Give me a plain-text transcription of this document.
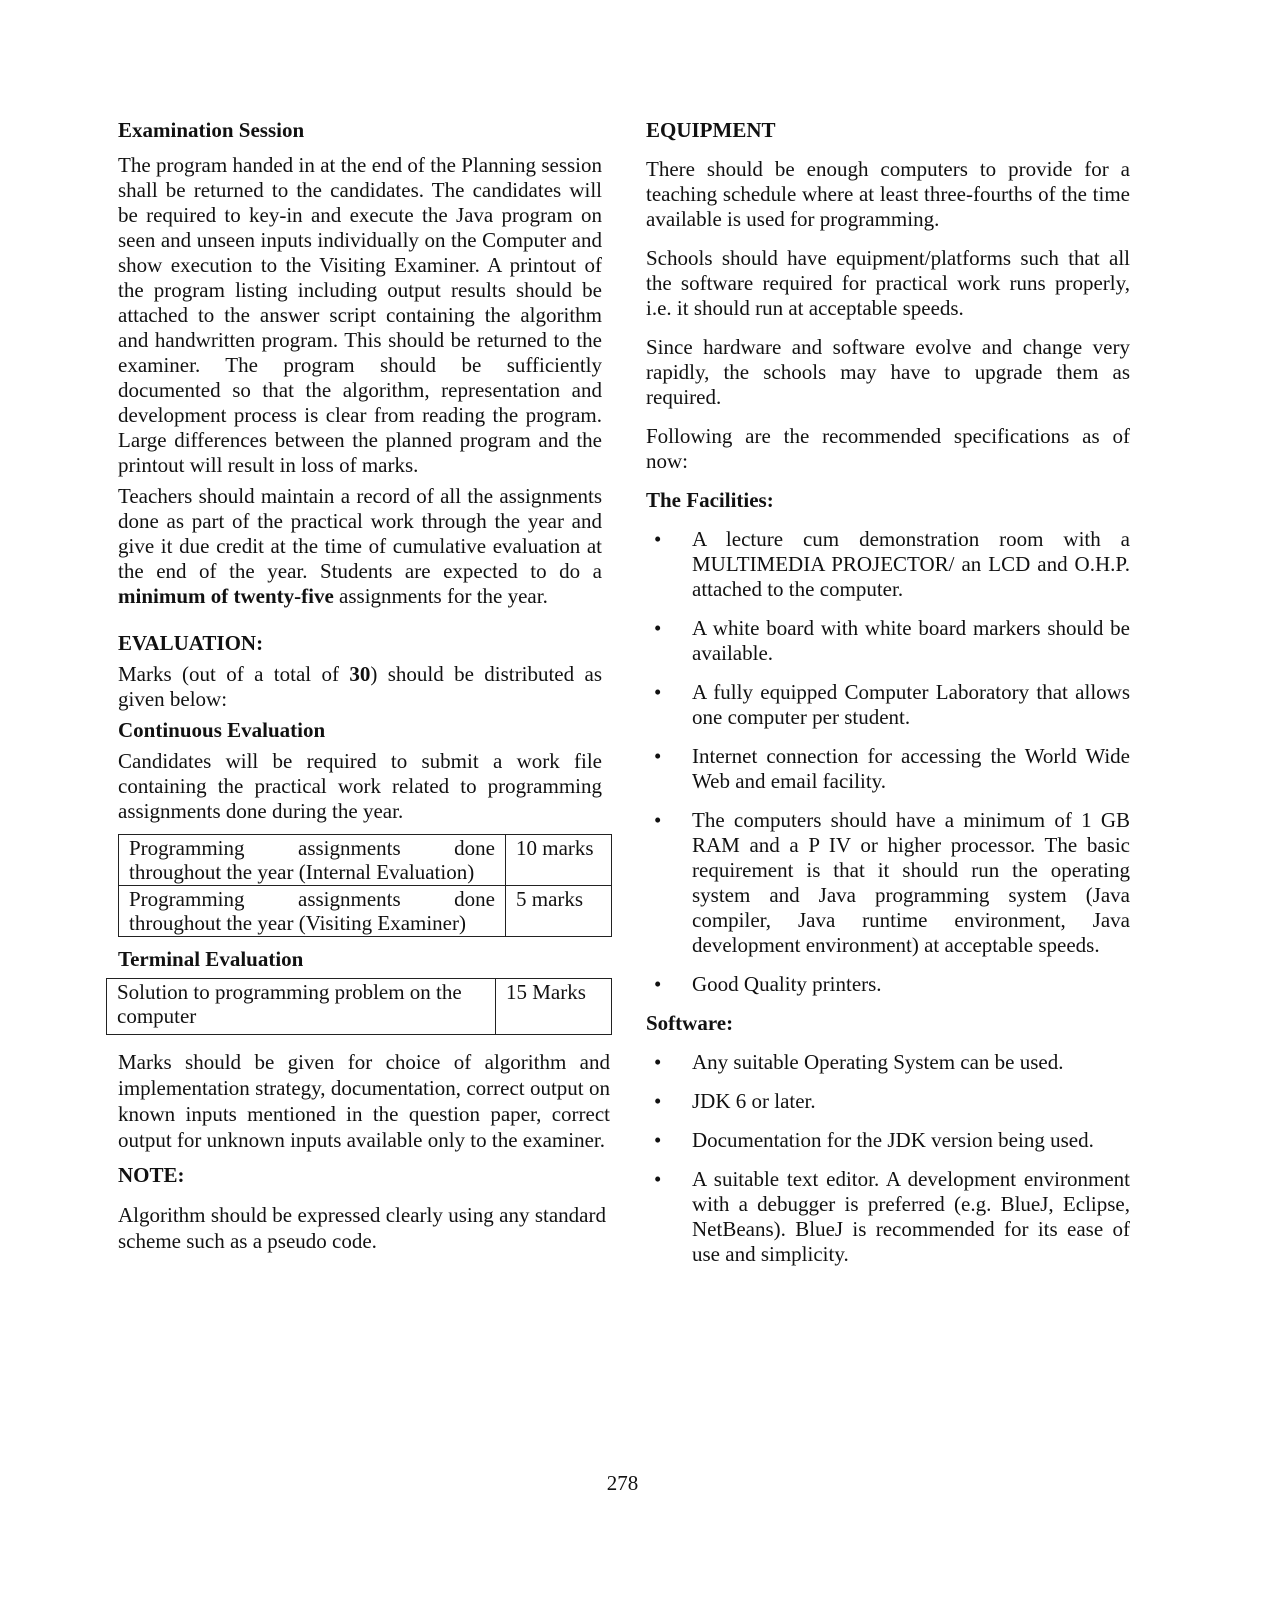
Examination Session

The program handed in at the end of the Planning session shall be returned to the candidates. The candidates will be required to key-in and execute the Java program on seen and unseen inputs individually on the Computer and show execution to the Visiting Examiner. A printout of the program listing including output results should be attached to the answer script containing the algorithm and handwritten program. This should be returned to the examiner. The program should be sufficiently documented so that the algorithm, representation and development process is clear from reading the program. Large differences between the planned program and the printout will result in loss of marks.

Teachers should maintain a record of all the assignments done as part of the practical work through the year and give it due credit at the time of cumulative evaluation at the end of the year. Students are expected to do a minimum of twenty-five assignments for the year.

EVALUATION:

Marks (out of a total of 30) should be distributed as given below:

Continuous Evaluation

Candidates will be required to submit a work file containing the practical work related to programming assignments done during the year.

Programming assignments done throughout the year (Internal Evaluation)	10 marks
Programming assignments done throughout the year (Visiting Examiner)	5 marks
Terminal Evaluation
Solution to programming problem on the computer	15 Marks

Marks should be given for choice of algorithm and implementation strategy, documentation, correct output on known inputs mentioned in the question paper, correct output for unknown inputs available only to the examiner.

NOTE:

Algorithm should be expressed clearly using any standard scheme such as a pseudo code.

EQUIPMENT

There should be enough computers to provide for a teaching schedule where at least three-fourths of the time available is used for programming.

Schools should have equipment/platforms such that all the software required for practical work runs properly, i.e. it should run at acceptable speeds.

Since hardware and software evolve and change very rapidly, the schools may have to upgrade them as required.

Following are the recommended specifications as of now:

The Facilities:
• A lecture cum demonstration room with a MULTIMEDIA PROJECTOR/ an LCD and O.H.P. attached to the computer.
• A white board with white board markers should be available.
• A fully equipped Computer Laboratory that allows one computer per student.
• Internet connection for accessing the World Wide Web and email facility.
• The computers should have a minimum of 1 GB RAM and a P IV or higher processor. The basic requirement is that it should run the operating system and Java programming system (Java compiler, Java runtime environment, Java development environment) at acceptable speeds.
• Good Quality printers.
Software:
• Any suitable Operating System can be used.
• JDK 6 or later.
• Documentation for the JDK version being used.
• A suitable text editor. A development environment with a debugger is preferred (e.g. BlueJ, Eclipse, NetBeans). BlueJ is recommended for its ease of use and simplicity.
278
